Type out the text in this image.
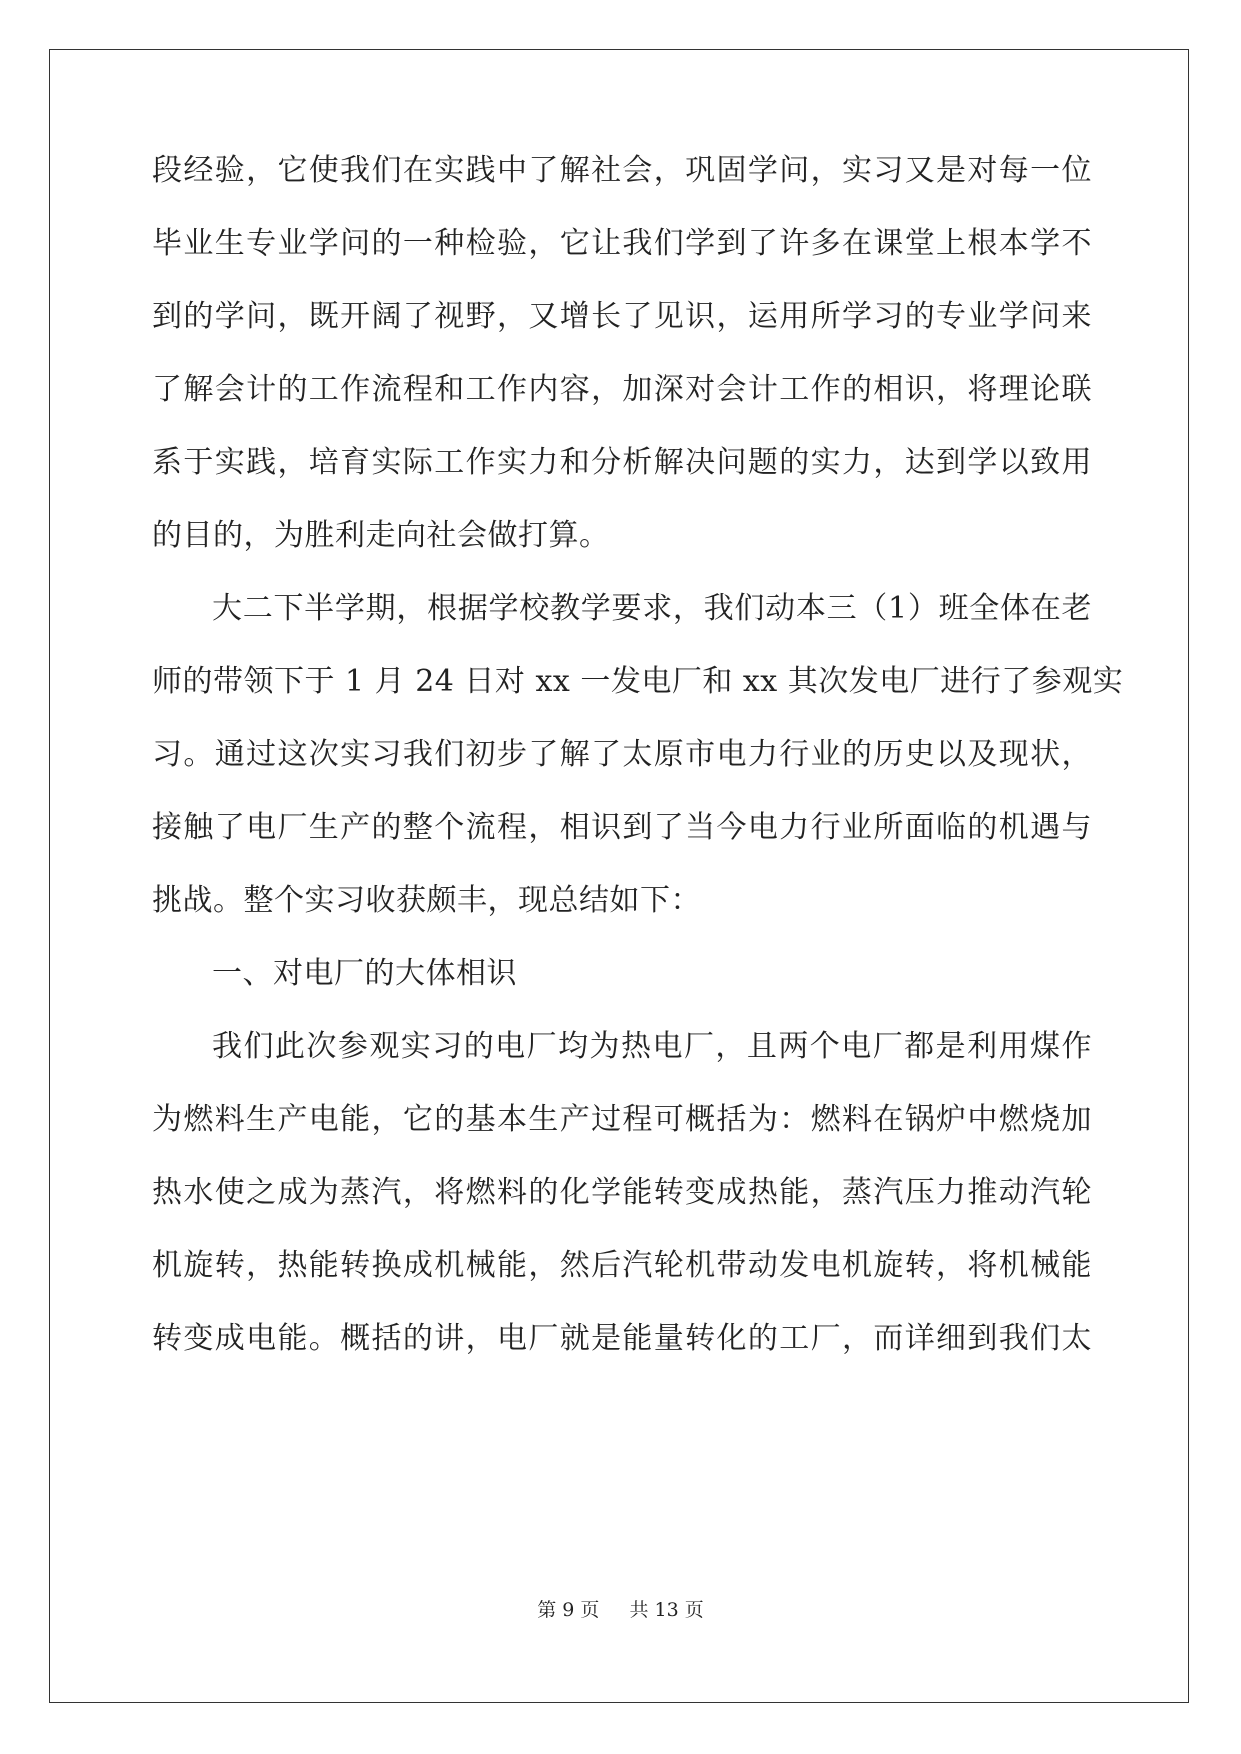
段经验，它使我们在实践中了解社会，巩固学问，实习又是对每一位
毕业生专业学问的一种检验，它让我们学到了许多在课堂上根本学不
到的学问，既开阔了视野，又增长了见识，运用所学习的专业学问来
了解会计的工作流程和工作内容，加深对会计工作的相识，将理论联
系于实践，培育实际工作实力和分析解决问题的实力，达到学以致用
的目的，为胜利走向社会做打算。
大二下半学期，根据学校教学要求，我们动本三（1）班全体在老
师的带领下于 1 月 24 日对 xx 一发电厂和 xx 其次发电厂进行了参观实
习。通过这次实习我们初步了解了太原市电力行业的历史以及现状，
接触了电厂生产的整个流程，相识到了当今电力行业所面临的机遇与
挑战。整个实习收获颇丰，现总结如下：
一、对电厂的大体相识
我们此次参观实习的电厂均为热电厂，且两个电厂都是利用煤作
为燃料生产电能，它的基本生产过程可概括为：燃料在锅炉中燃烧加
热水使之成为蒸汽，将燃料的化学能转变成热能，蒸汽压力推动汽轮
机旋转，热能转换成机械能，然后汽轮机带动发电机旋转，将机械能
转变成电能。概括的讲，电厂就是能量转化的工厂，而详细到我们太
第 9 页 共 13 页
